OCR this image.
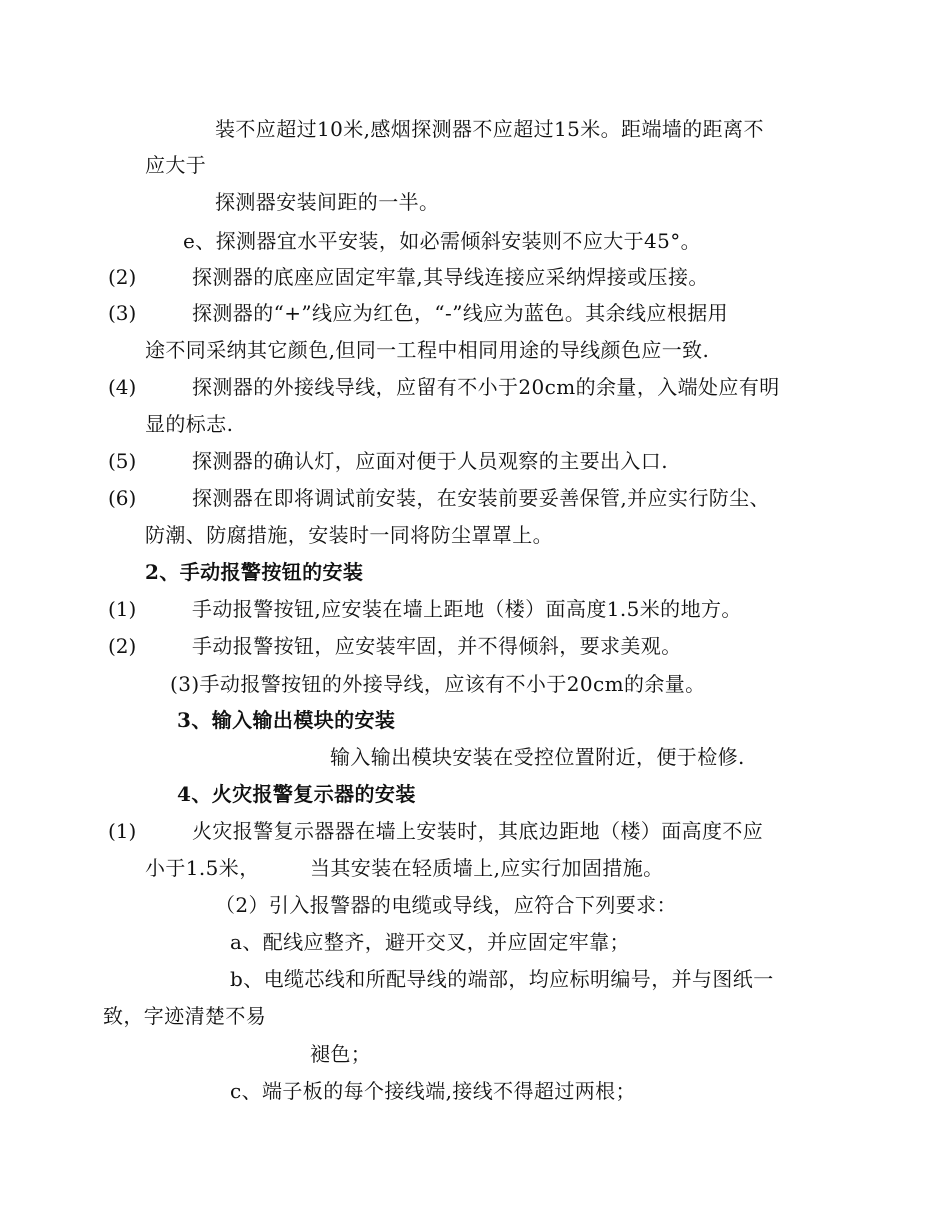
装不应超过10米,感烟探测器不应超过15米。距端墙的距离不
应大于
探测器安装间距的一半。
e、探测器宜水平安装，如必需倾斜安装则不应大于45°。
(2)	探测器的底座应固定牢靠,其导线连接应采纳焊接或压接。
(3)	探测器的“+”线应为红色，“-”线应为蓝色。其余线应根据用
途不同采纳其它颜色,但同一工程中相同用途的导线颜色应一致.
(4)	探测器的外接线导线，应留有不小于20cm的余量，入端处应有明
显的标志.
(5)	探测器的确认灯，应面对便于人员观察的主要出入口.
(6)	探测器在即将调试前安装，在安装前要妥善保管,并应实行防尘、
防潮、防腐措施，安装时一同将防尘罩罩上。
2、手动报警按钮的安装
(1)	手动报警按钮,应安装在墙上距地（楼）面高度1.5米的地方。
(2)	手动报警按钮，应安装牢固，并不得倾斜，要求美观。
(3)手动报警按钮的外接导线，应该有不小于20cm的余量。
3、输入输出模块的安装
输入输出模块安装在受控位置附近，便于检修.
4、火灾报警复示器的安装
(1)	火灾报警复示器器在墙上安装时，其底边距地（楼）面高度不应
小于1.5米，	当其安装在轻质墙上,应实行加固措施。
（2）引入报警器的电缆或导线，应符合下列要求：
a、配线应整齐，避开交叉，并应固定牢靠；
b、电缆芯线和所配导线的端部，均应标明编号，并与图纸一
致，字迹清楚不易
褪色；
c、端子板的每个接线端,接线不得超过两根；
